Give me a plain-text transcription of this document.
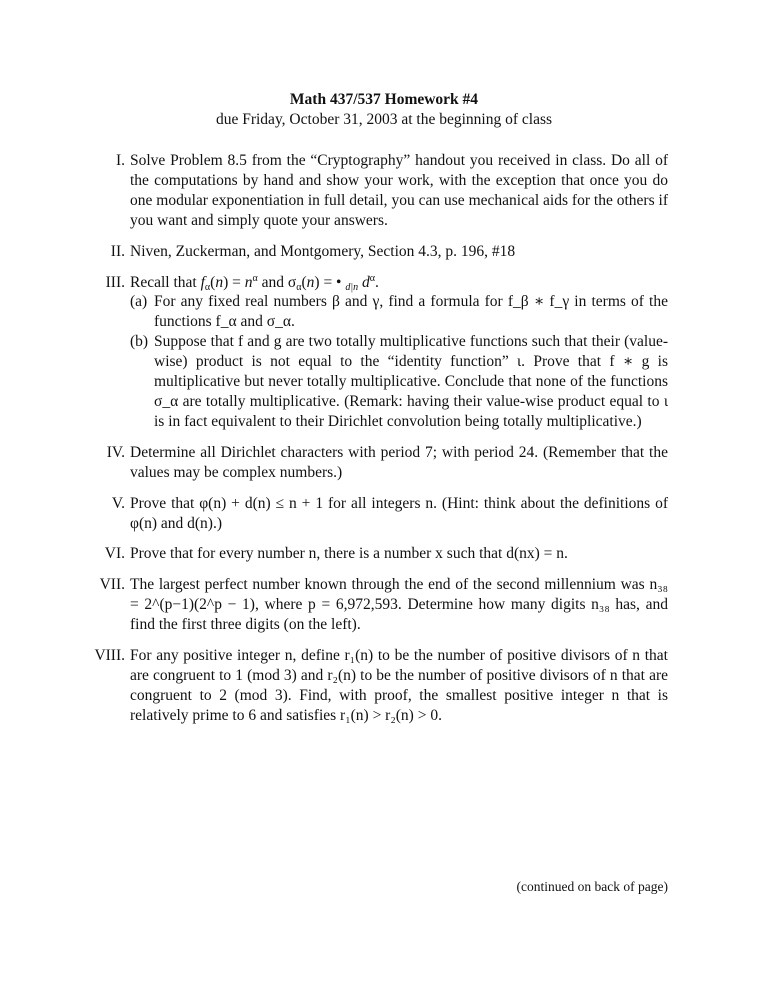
Math 437/537 Homework #4
due Friday, October 31, 2003 at the beginning of class
I. Solve Problem 8.5 from the “Cryptography” handout you received in class. Do all of the computations by hand and show your work, with the exception that once you do one modular exponentiation in full detail, you can use mechanical aids for the others if you want and simply quote your answers.
II. Niven, Zuckerman, and Montgomery, Section 4.3, p. 196, #18
III. Recall that $f_\alpha(n) = n^\alpha$ and $\sigma_\alpha(n)$ = • $_{d|n}$ $d^\alpha$.
(a) For any fixed real numbers β and γ, find a formula for f_β ∗ f_γ in terms of the functions f_α and σ_α.
(b) Suppose that f and g are two totally multiplicative functions such that their (value-wise) product is not equal to the “identity function” ι. Prove that f ∗ g is multiplicative but never totally multiplicative. Conclude that none of the functions σ_α are totally multiplicative. (Remark: having their value-wise product equal to ι is in fact equivalent to their Dirichlet convolution being totally multiplicative.)
IV. Determine all Dirichlet characters with period 7; with period 24. (Remember that the values may be complex numbers.)
V. Prove that φ(n) + d(n) ≤ n + 1 for all integers n. (Hint: think about the definitions of φ(n) and d(n).)
VI. Prove that for every number n, there is a number x such that d(nx) = n.
VII. The largest perfect number known through the end of the second millennium was n₃₈ = 2^(p−1)(2^p − 1), where p = 6,972,593. Determine how many digits n₃₈ has, and find the first three digits (on the left).
VIII. For any positive integer n, define r₁(n) to be the number of positive divisors of n that are congruent to 1 (mod 3) and r₂(n) to be the number of positive divisors of n that are congruent to 2 (mod 3). Find, with proof, the smallest positive integer n that is relatively prime to 6 and satisfies r₁(n) > r₂(n) > 0.
(continued on back of page)
